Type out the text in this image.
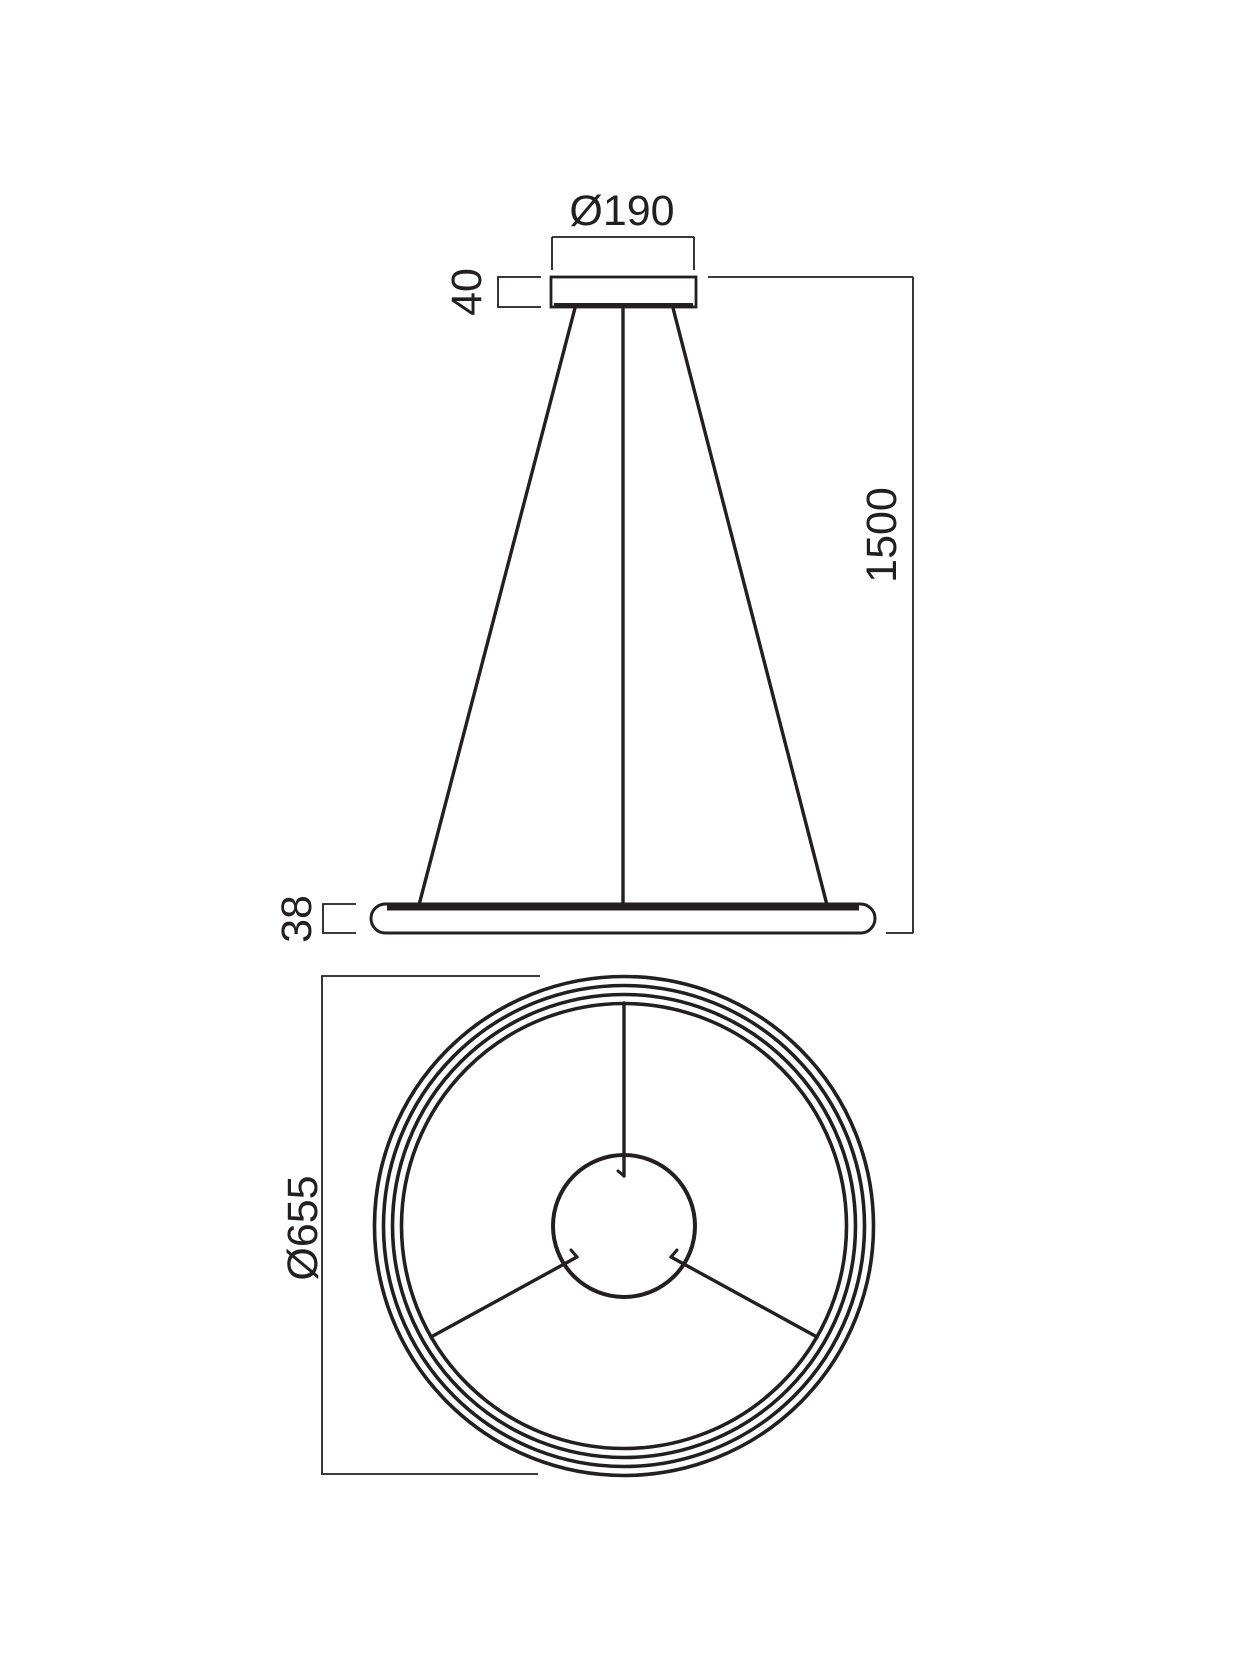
Ø190
40
1500
38
Ø655
